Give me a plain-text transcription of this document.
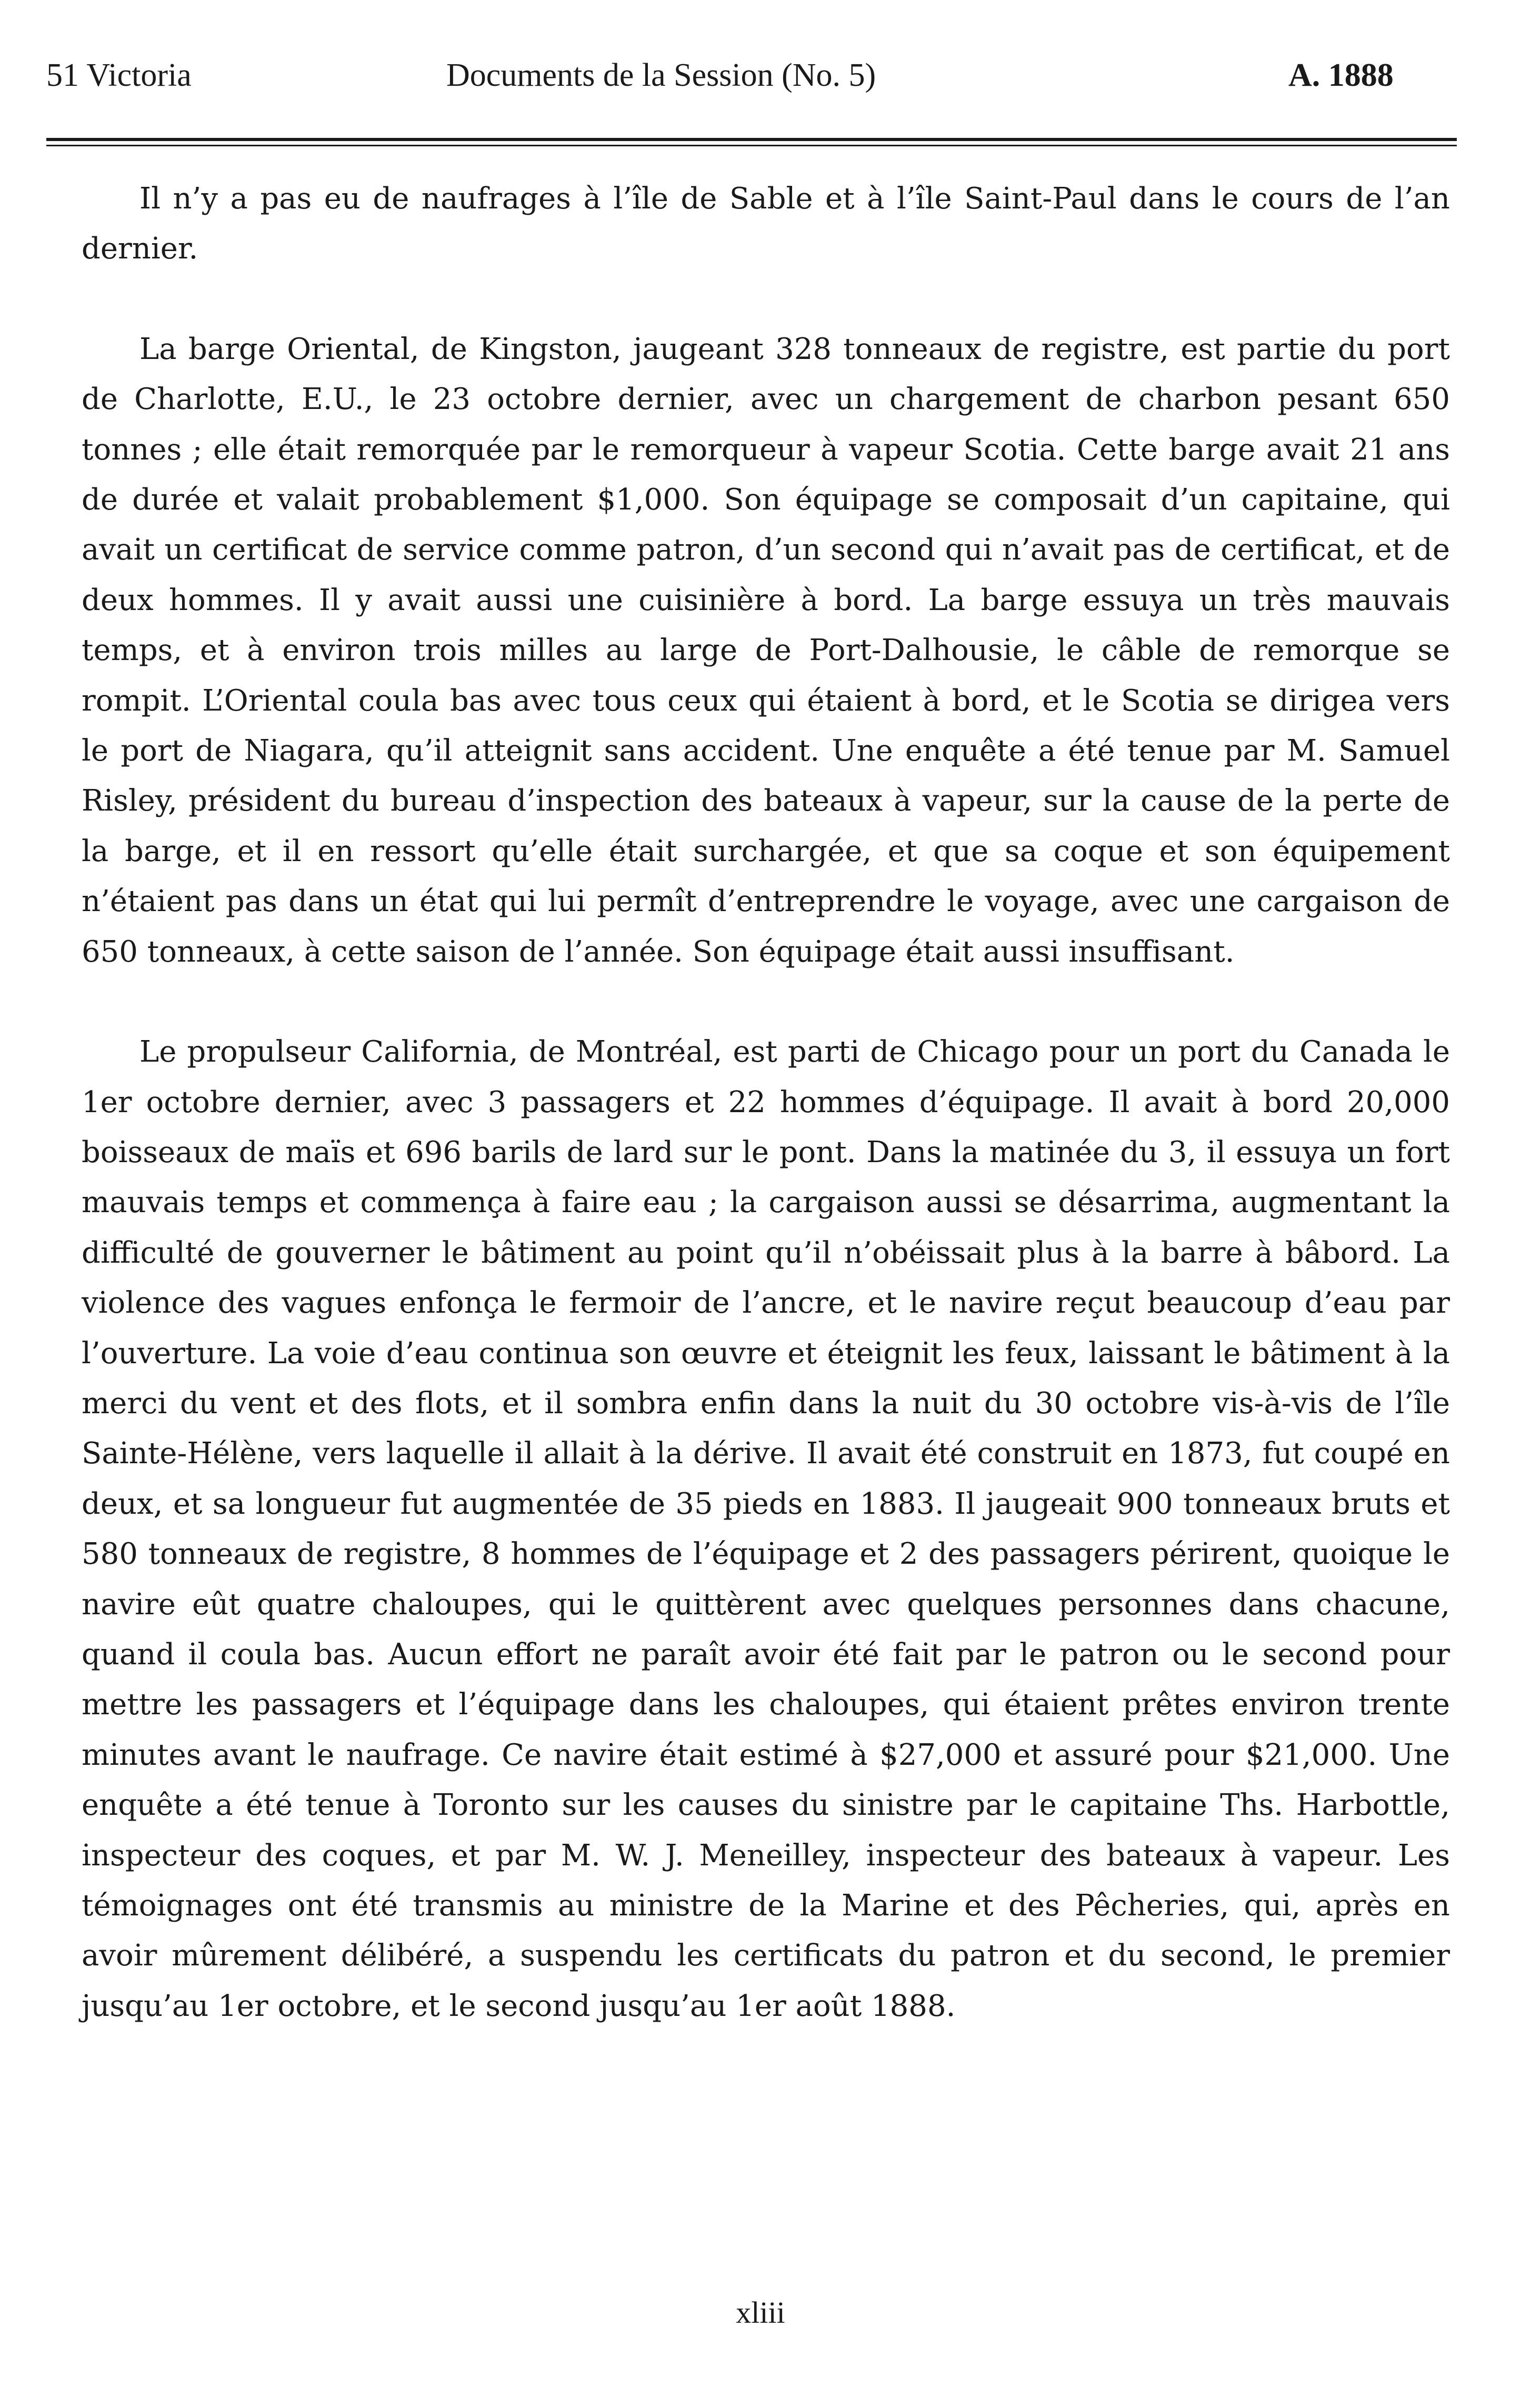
51 Victoria	Documents de la Session (No. 5)	A. 1888

Il n’y a pas eu de naufrages à l’île de Sable et à l’île Saint-Paul dans le cours de l’an dernier.

La barge Oriental, de Kingston, jaugeant 328 tonneaux de registre, est partie du port de Charlotte, E.U., le 23 octobre dernier, avec un chargement de charbon pesant 650 tonnes ; elle était remorquée par le remorqueur à vapeur Scotia. Cette barge avait 21 ans de durée et valait probablement $1,000. Son équipage se composait d’un capitaine, qui avait un certificat de service comme patron, d’un second qui n’avait pas de certificat, et de deux hommes. Il y avait aussi une cuisinière à bord. La barge essuya un très mauvais temps, et à environ trois milles au large de Port-Dalhousie, le câble de remorque se rompit. L’Oriental coula bas avec tous ceux qui étaient à bord, et le Scotia se dirigea vers le port de Niagara, qu’il atteignit sans accident. Une enquête a été tenue par M. Samuel Risley, président du bureau d’inspection des bateaux à vapeur, sur la cause de la perte de la barge, et il en ressort qu’elle était surchargée, et que sa coque et son équipement n’étaient pas dans un état qui lui permît d’entreprendre le voyage, avec une cargaison de 650 tonneaux, à cette saison de l’année. Son équipage était aussi insuffisant.

Le propulseur California, de Montréal, est parti de Chicago pour un port du Canada le 1er octobre dernier, avec 3 passagers et 22 hommes d’équipage. Il avait à bord 20,000 boisseaux de maïs et 696 barils de lard sur le pont. Dans la matinée du 3, il essuya un fort mauvais temps et commença à faire eau ; la cargaison aussi se désarrima, augmentant la difficulté de gouverner le bâtiment au point qu’il n’obéissait plus à la barre à bâbord. La violence des vagues enfonça le fermoir de l’ancre, et le navire reçut beaucoup d’eau par l’ouverture. La voie d’eau continua son œuvre et éteignit les feux, laissant le bâtiment à la merci du vent et des flots, et il sombra enfin dans la nuit du 30 octobre vis-à-vis de l’île Sainte-Hélène, vers laquelle il allait à la dérive. Il avait été construit en 1873, fut coupé en deux, et sa longueur fut augmentée de 35 pieds en 1883. Il jaugeait 900 tonneaux bruts et 580 tonneaux de registre, 8 hommes de l’équipage et 2 des passagers périrent, quoique le navire eût quatre chaloupes, qui le quittèrent avec quelques personnes dans chacune, quand il coula bas. Aucun effort ne paraît avoir été fait par le patron ou le second pour mettre les passagers et l’équipage dans les chaloupes, qui étaient prêtes environ trente minutes avant le naufrage. Ce navire était estimé à $27,000 et assuré pour $21,000. Une enquête a été tenue à Toronto sur les causes du sinistre par le capitaine Ths. Harbottle, inspecteur des coques, et par M. W. J. Meneilley, inspecteur des bateaux à vapeur. Les témoignages ont été transmis au ministre de la Marine et des Pêcheries, qui, après en avoir mûrement délibéré, a suspendu les certificats du patron et du second, le premier jusqu’au 1er octobre, et le second jusqu’au 1er août 1888.

xliii
